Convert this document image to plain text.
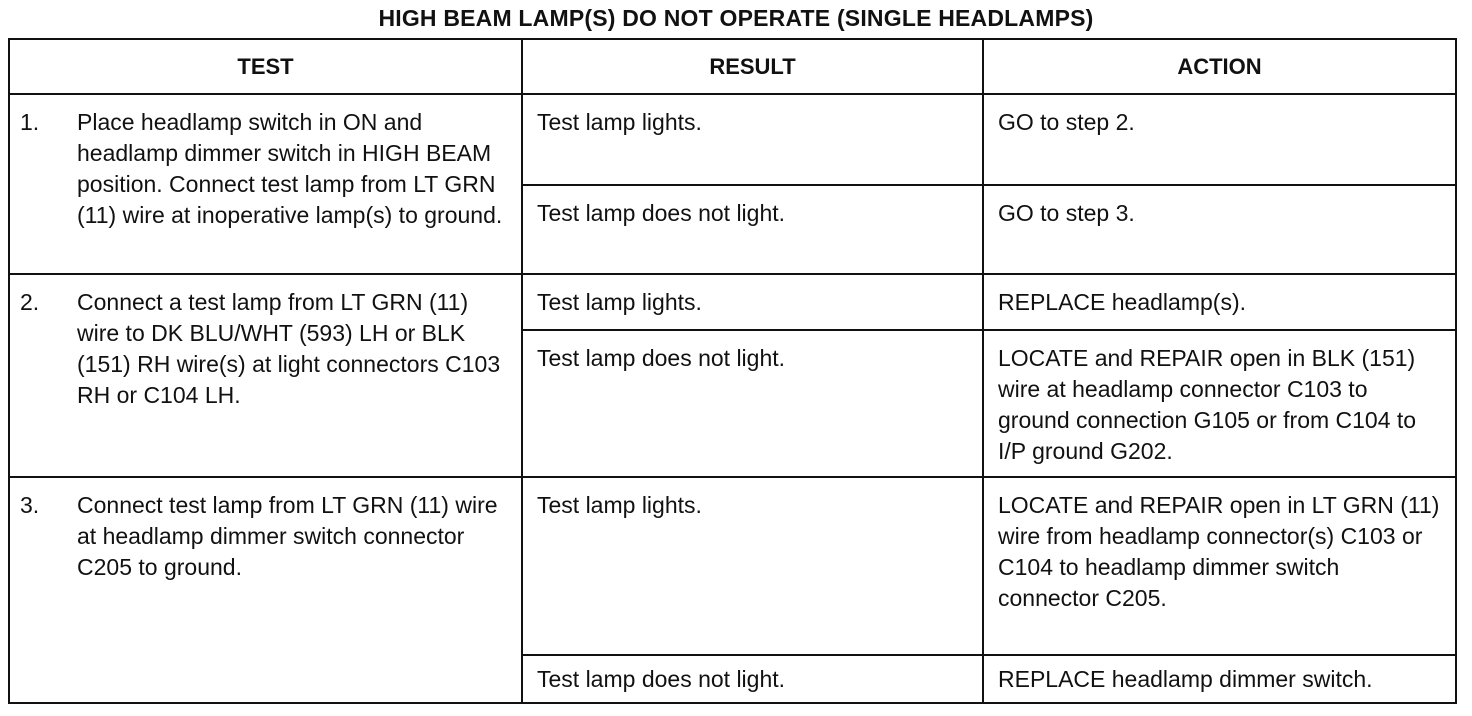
HIGH BEAM LAMP(S) DO NOT OPERATE (SINGLE HEADLAMPS)
TEST	RESULT	ACTION

1. Place headlamp switch in ON and headlamp dimmer switch in HIGH BEAM position. Connect test lamp from LT GRN (11) wire at inoperative lamp(s) to ground.	Test lamp lights.	GO to step 2.

	Test lamp does not light.	GO to step 3.

2. Connect a test lamp from LT GRN (11) wire to DK BLU/WHT (593) LH or BLK (151) RH wire(s) at light connectors C103 RH or C104 LH.	Test lamp lights.	REPLACE headlamp(s).

	Test lamp does not light.	LOCATE and REPAIR open in BLK (151) wire at headlamp connector C103 to ground connection G105 or from C104 to I/P ground G202.

3. Connect test lamp from LT GRN (11) wire at headlamp dimmer switch connector C205 to ground.	Test lamp lights.	LOCATE and REPAIR open in LT GRN (11) wire from headlamp connector(s) C103 or C104 to headlamp dimmer switch connector C205.

	Test lamp does not light.	REPLACE headlamp dimmer switch.
